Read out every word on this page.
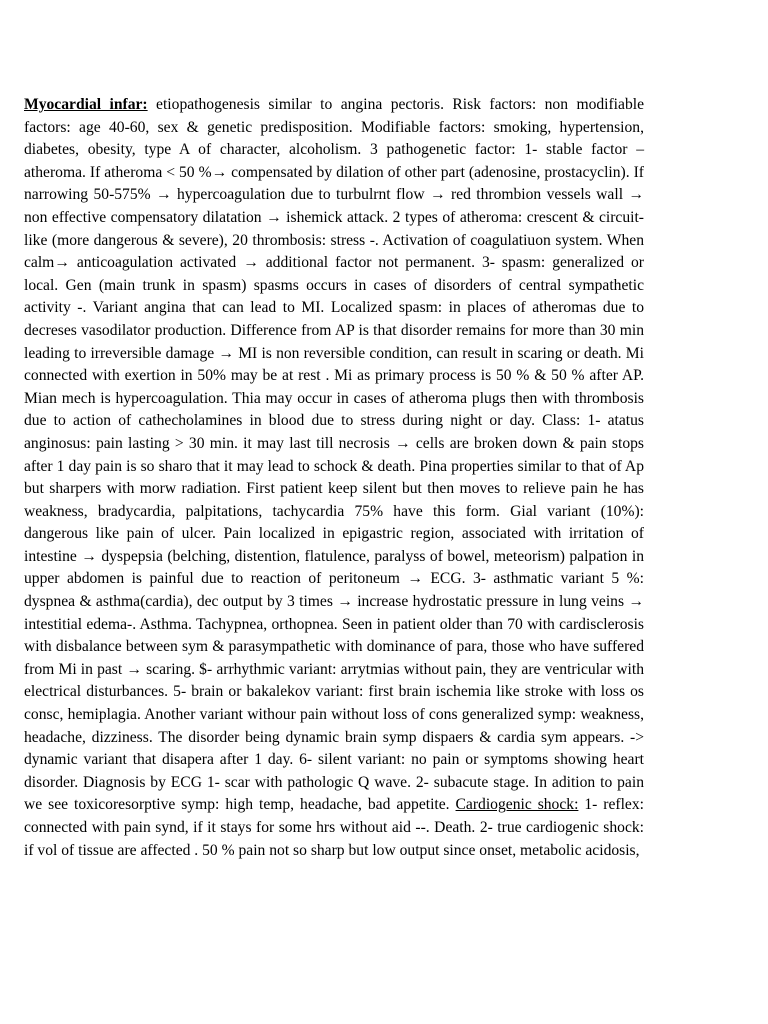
Myocardial infar: etiopathogenesis similar to angina pectoris. Risk factors: non modifiable factors: age 40-60, sex & genetic predisposition. Modifiable factors: smoking, hypertension, diabetes, obesity, type A of character, alcoholism. 3 pathogenetic factor: 1- stable factor – atheroma. If atheroma < 50 %→ compensated by dilation of other part (adenosine, prostacyclin). If narrowing 50-575% → hypercoagulation due to turbulrnt flow → red thrombion vessels wall → non effective compensatory dilatation → ishemick attack. 2 types of atheroma: crescent & circuit-like (more dangerous & severe), 20 thrombosis: stress -. Activation of coagulatiuon system. When calm→ anticoagulation activated → additional factor not permanent. 3- spasm: generalized or local. Gen (main trunk in spasm) spasms occurs in cases of disorders of central sympathetic activity -. Variant angina that can lead to MI. Localized spasm: in places of atheromas due to decreses vasodilator production. Difference from AP is that disorder remains for more than 30 min leading to irreversible damage → MI is non reversible condition, can result in scaring or death. Mi connected with exertion in 50% may be at rest . Mi as primary process is 50 % & 50 % after AP. Mian mech is hypercoagulation. Thia may occur in cases of atheroma plugs then with thrombosis due to action of cathecholamines in blood due to stress during night or day. Class: 1- atatus anginosus: pain lasting > 30 min. it may last till necrosis → cells are broken down & pain stops after 1 day pain is so sharo that it may lead to schock & death. Pina properties similar to that of Ap but sharpers with morw radiation. First patient keep silent but then moves to relieve pain he has weakness, bradycardia, palpitations, tachycardia 75% have this form. Gial variant (10%): dangerous like pain of ulcer. Pain localized in epigastric region, associated with irritation of intestine → dyspepsia (belching, distention, flatulence, paralyss of bowel, meteorism) palpation in upper abdomen is painful due to reaction of peritoneum → ECG. 3- asthmatic variant 5 %: dyspnea & asthma(cardia), dec output by 3 times → increase hydrostatic pressure in lung veins → intestitial edema-. Asthma. Tachypnea, orthopnea. Seen in patient older than 70 with cardisclerosis with disbalance between sym & parasympathetic with dominance of para, those who have suffered from Mi in past → scaring. $- arrhythmic variant: arrytmias without pain, they are ventricular with electrical disturbances. 5- brain or bakalekov variant: first brain ischemia like stroke with loss os consc, hemiplagia. Another variant withour pain without loss of cons generalized symp: weakness, headache, dizziness. The disorder being dynamic brain symp dispaers & cardia sym appears. -> dynamic variant that disapera after 1 day. 6- silent variant: no pain or symptoms showing heart disorder. Diagnosis by ECG 1- scar with pathologic Q wave. 2- subacute stage. In adition to pain we see toxicoresorptive symp: high temp, headache, bad appetite. Cardiogenic shock: 1- reflex: connected with pain synd, if it stays for some hrs without aid --. Death. 2- true cardiogenic shock: if vol of tissue are affected . 50 % pain not so sharp but low output since onset, metabolic acidosis,
